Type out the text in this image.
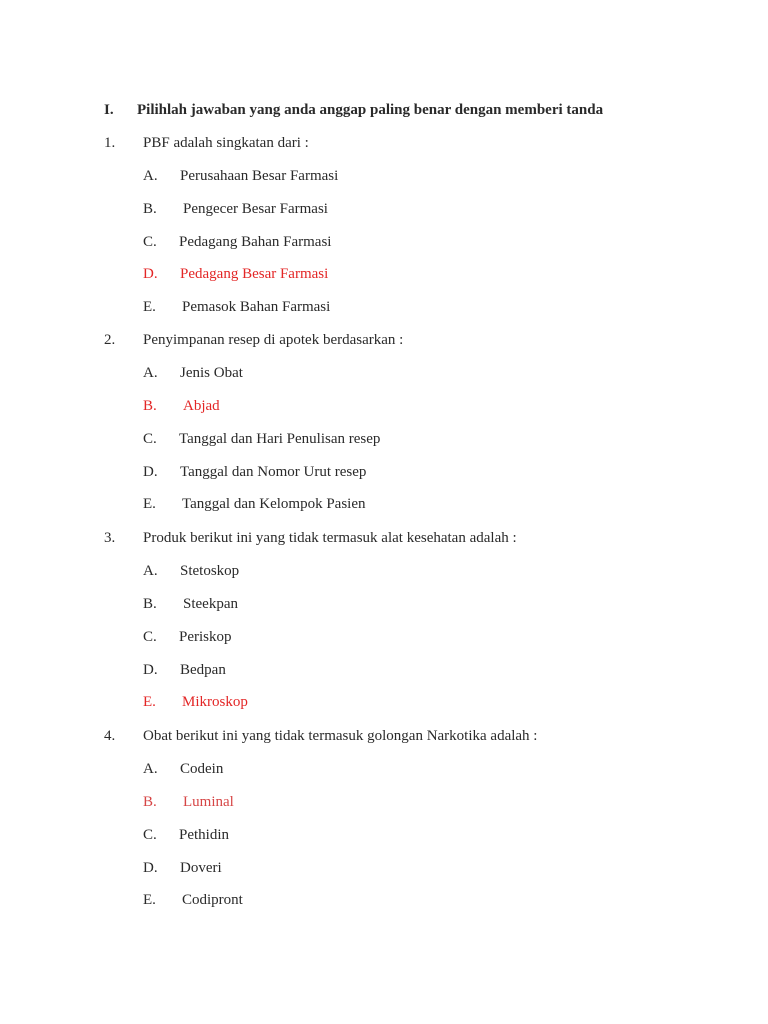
I. Pilihlah jawaban yang anda anggap paling benar dengan memberi tanda
1. PBF adalah singkatan dari :
A. Perusahaan Besar Farmasi
B. Pengecer Besar Farmasi
C. Pedagang Bahan Farmasi
D. Pedagang Besar Farmasi
E. Pemasok Bahan Farmasi
2. Penyimpanan resep di apotek berdasarkan :
A. Jenis Obat
B. Abjad
C. Tanggal dan Hari Penulisan resep
D. Tanggal dan Nomor Urut resep
E. Tanggal dan Kelompok Pasien
3. Produk berikut ini yang tidak termasuk alat kesehatan adalah :
A. Stetoskop
B. Steekpan
C. Periskop
D. Bedpan
E. Mikroskop
4. Obat berikut ini yang tidak termasuk golongan Narkotika adalah :
A. Codein
B. Luminal
C. Pethidin
D. Doveri
E. Codipront
